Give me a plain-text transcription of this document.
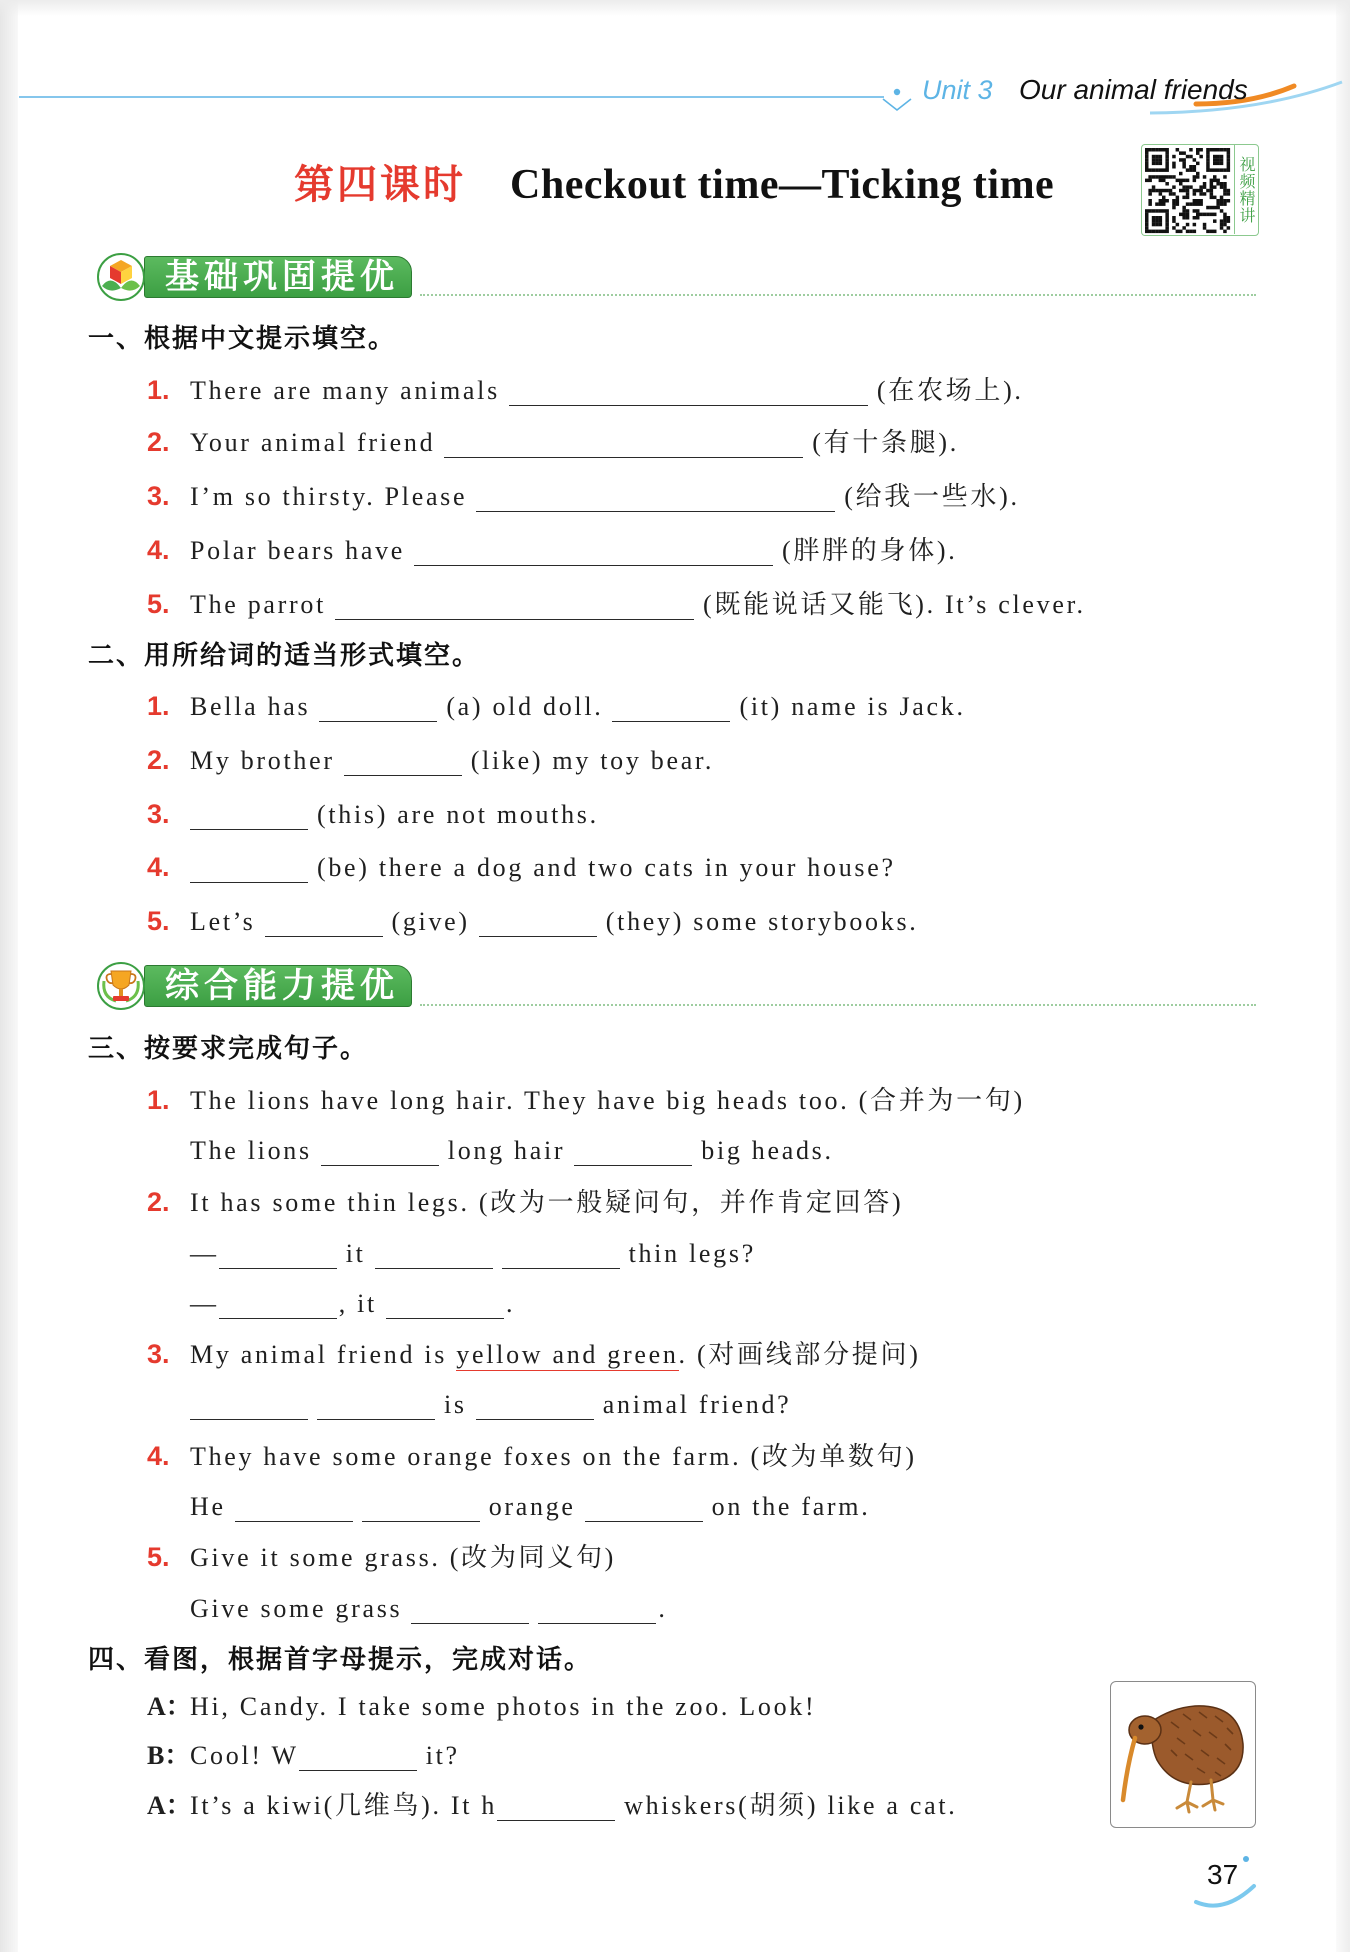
Unit 3 Our animal friends
第四课时 Checkout time—Ticking time	视频精讲
基础巩固提优
一、根据中文提示填空。
1. There are many animals	(在农场上).
2. Your animal friend	(有十条腿).
3. I’m so thirsty. Please	(给我一些水).
4. Polar bears have	(胖胖的身体).
5. The parrot	(既能说话又能飞). It’s clever.
二、用所给词的适当形式填空。
1. Bella has	(a) old doll.	(it) name is Jack.
2. My brother	(like) my toy bear.
3.	(this) are not mouths.
4.	(be) there a dog and two cats in your house?
5. Let’s	(give)	(they) some storybooks.
综合能力提优
三、按要求完成句子。
1. The lions have long hair. They have big heads too. (合并为一句)
The lions	long hair	big heads.
2. It has some thin legs. (改为一般疑问句，并作肯定回答)
—	it	thin legs?
—	, it	.
3. My animal friend is yellow and green. (对画线部分提问)
is	animal friend?
4. They have some orange foxes on the farm. (改为单数句)
He	orange	on the farm.
5. Give it some grass. (改为同义句)
Give some grass	.
四、看图，根据首字母提示，完成对话。
A：Hi, Candy. I take some photos in the zoo. Look!
B：Cool! W	it?
A：It’s a kiwi(几维鸟). It h	whiskers(胡须) like a cat.
37
